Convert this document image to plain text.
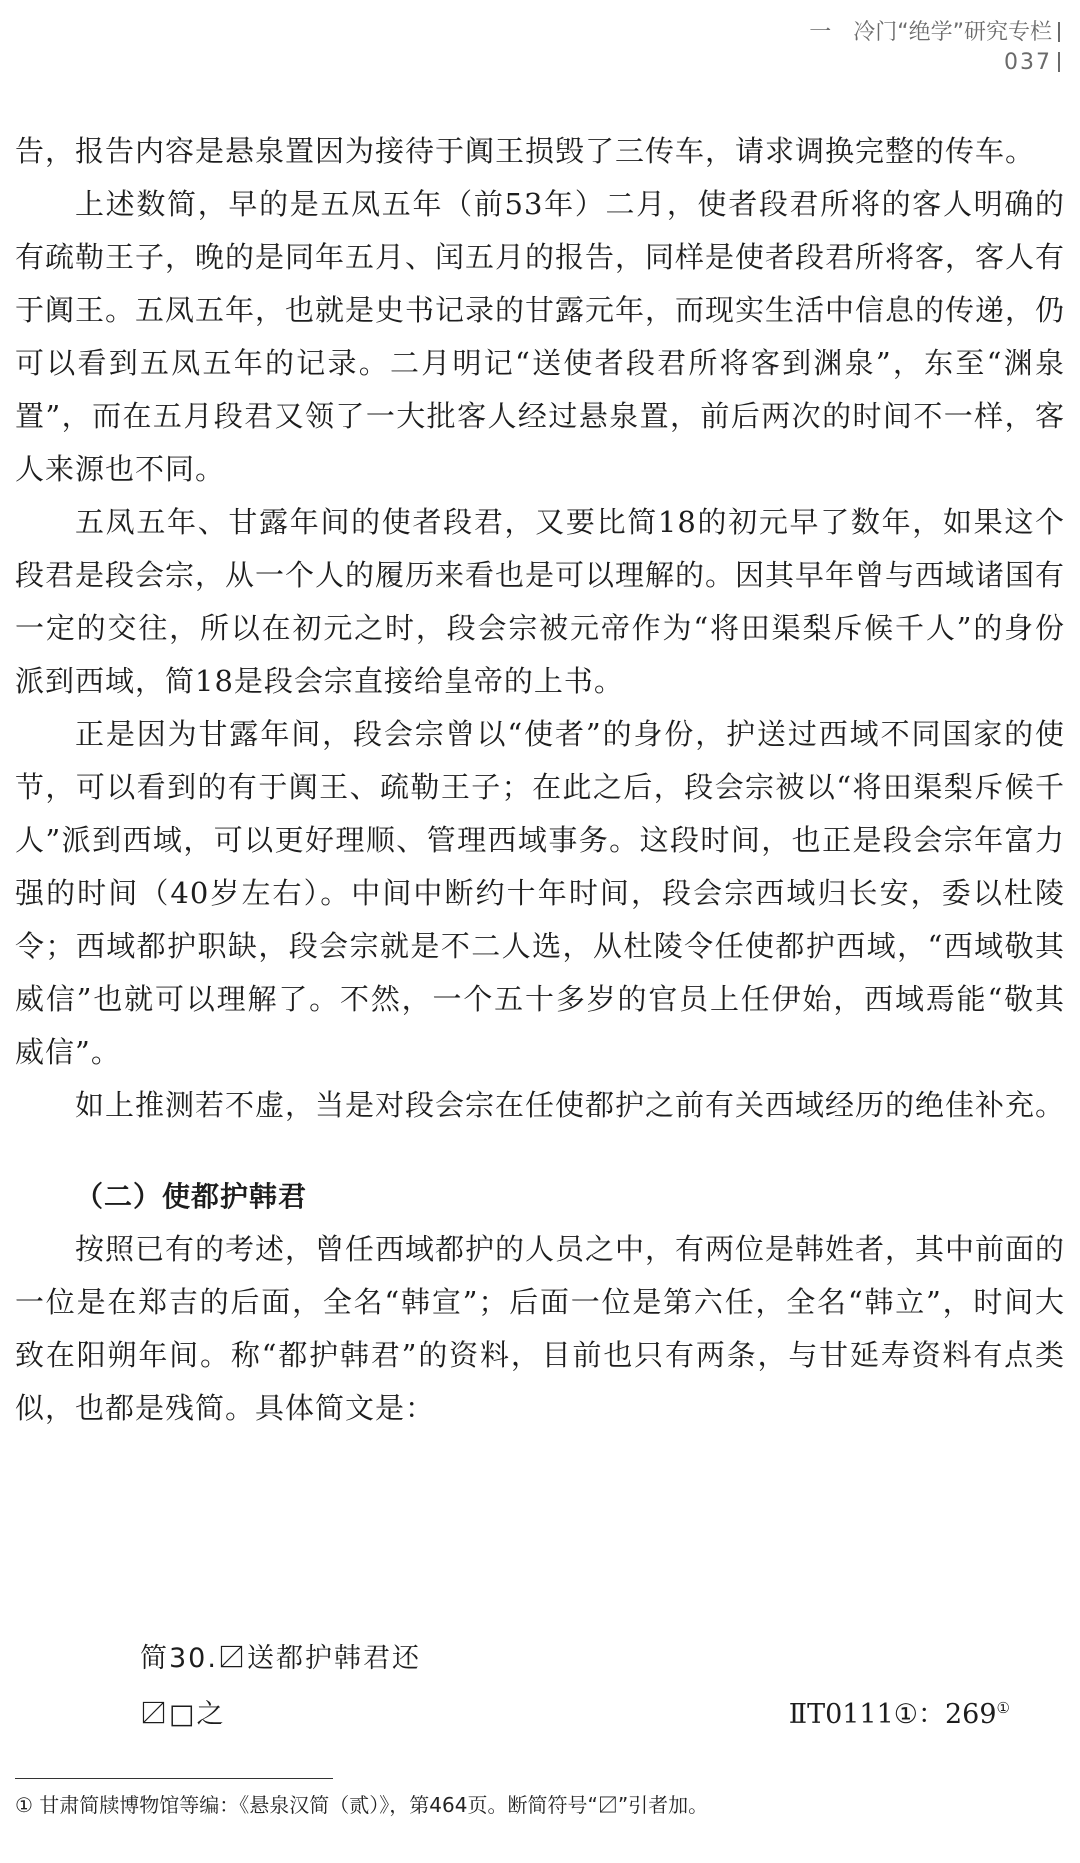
一　冷门“绝学”研究专栏
037

告，报告内容是悬泉置因为接待于阗王损毁了三传车，请求调换完整的传车。

上述数简，早的是五凤五年（前53年）二月，使者段君所将的客人明确的有疏勒王子，晚的是同年五月、闰五月的报告，同样是使者段君所将客，客人有于阗王。五凤五年，也就是史书记录的甘露元年，而现实生活中信息的传递，仍可以看到五凤五年的记录。二月明记“送使者段君所将客到渊泉”，东至“渊泉置”，而在五月段君又领了一大批客人经过悬泉置，前后两次的时间不一样，客人来源也不同。

五凤五年、甘露年间的使者段君，又要比简18的初元早了数年，如果这个段君是段会宗，从一个人的履历来看也是可以理解的。因其早年曾与西域诸国有一定的交往，所以在初元之时，段会宗被元帝作为“将田渠梨斥候千人”的身份派到西域，简18是段会宗直接给皇帝的上书。

正是因为甘露年间，段会宗曾以“使者”的身份，护送过西域不同国家的使节，可以看到的有于阗王、疏勒王子；在此之后，段会宗被以“将田渠梨斥候千人”派到西域，可以更好理顺、管理西域事务。这段时间，也正是段会宗年富力强的时间（40岁左右）。中间中断约十年时间，段会宗西域归长安，委以杜陵令；西域都护职缺，段会宗就是不二人选，从杜陵令任使都护西域，“西域敬其威信”也就可以理解了。不然，一个五十多岁的官员上任伊始，西域焉能“敬其威信”。

如上推测若不虚，当是对段会宗在任使都护之前有关西域经历的绝佳补充。

（二）使都护韩君

按照已有的考述，曾任西域都护的人员之中，有两位是韩姓者，其中前面的一位是在郑吉的后面，全名“韩宣”；后面一位是第六任，全名“韩立”，时间大致在阳朔年间。称“都护韩君”的资料，目前也只有两条，与甘延寿资料有点类似，也都是残简。具体简文是：

简30.〼送都护韩君还
〼□之	ⅡT0111①：269①
① 甘肃简牍博物馆等编：《悬泉汉简（贰）》，第464页。断简符号“〼”引者加。
